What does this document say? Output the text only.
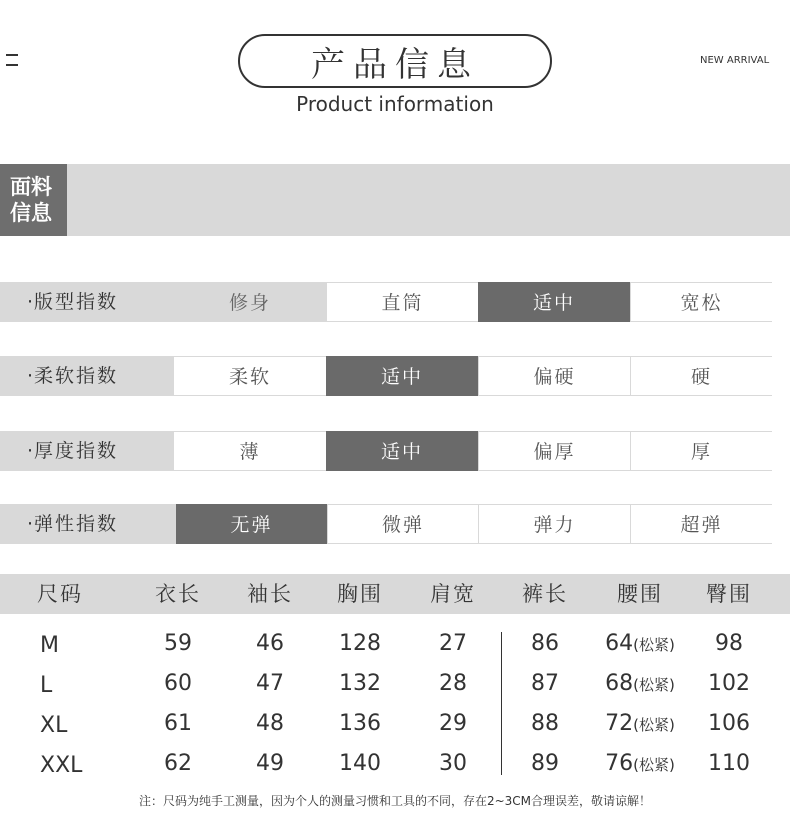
产品信息
Product information
NEW ARRIVAL
面料
信息
· 版型指数	修身	直筒	适中	宽松
· 柔软指数	柔软	适中	偏硬	硬
· 厚度指数	薄	适中	偏厚	厚
· 弹性指数	无弹	微弹	弹力	超弹
尺码	衣长	袖长	胸围	肩宽	裤长	腰围	臀围
M	59	46	128	27	86	64(松紧)	98
L	60	47	132	28	87	68(松紧)	102
XL	61	48	136	29	88	72(松紧)	106
XXL	62	49	140	30	89	76(松紧)	110
注：尺码为纯手工测量，因为个人的测量习惯和工具的不同，存在2~3CM合理误差，敬请谅解！
